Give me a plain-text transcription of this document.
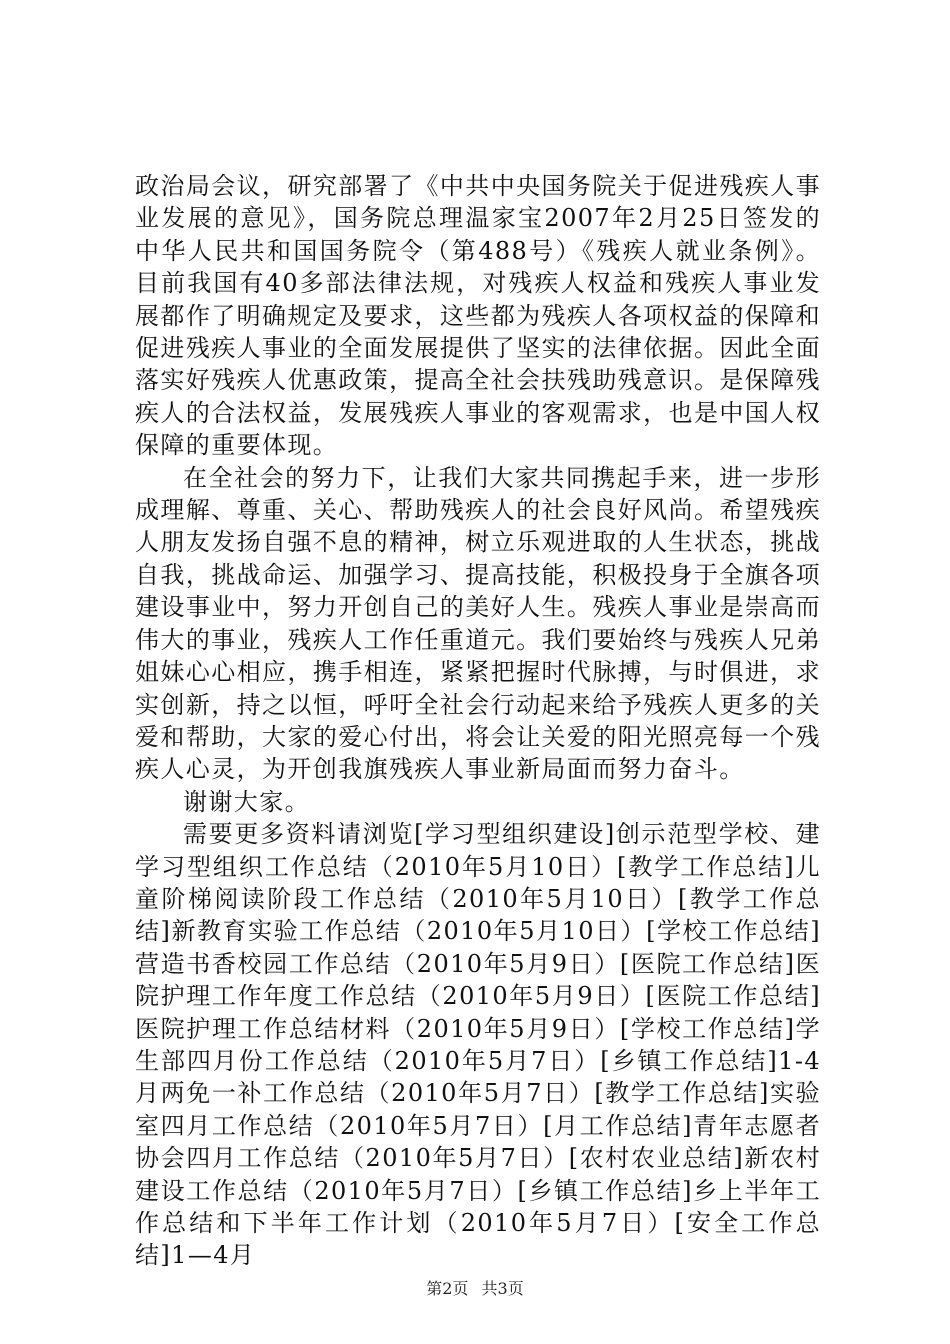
政治局会议，研究部署了《中共中央国务院关于促进残疾人事业发展的意见》，国务院总理温家宝2007年2月25日签发的中华人民共和国国务院令（第488号）《残疾人就业条例》。目前我国有40多部法律法规，对残疾人权益和残疾人事业发展都作了明确规定及要求，这些都为残疾人各项权益的保障和促进残疾人事业的全面发展提供了坚实的法律依据。因此全面落实好残疾人优惠政策，提高全社会扶残助残意识。是保障残疾人的合法权益，发展残疾人事业的客观需求，也是中国人权保障的重要体现。

在全社会的努力下，让我们大家共同携起手来，进一步形成理解、尊重、关心、帮助残疾人的社会良好风尚。希望残疾人朋友发扬自强不息的精神，树立乐观进取的人生状态，挑战自我，挑战命运、加强学习、提高技能，积极投身于全旗各项建设事业中，努力开创自己的美好人生。残疾人事业是崇高而伟大的事业，残疾人工作任重道元。我们要始终与残疾人兄弟姐妹心心相应，携手相连，紧紧把握时代脉搏，与时俱进，求实创新，持之以恒，呼吁全社会行动起来给予残疾人更多的关爱和帮助，大家的爱心付出，将会让关爱的阳光照亮每一个残疾人心灵，为开创我旗残疾人事业新局面而努力奋斗。

谢谢大家。

需要更多资料请浏览[学习型组织建设]创示范型学校、建学习型组织工作总结（2010年5月10日）[教学工作总结]儿童阶梯阅读阶段工作总结（2010年5月10日）[教学工作总结]新教育实验工作总结（2010年5月10日）[学校工作总结]营造书香校园工作总结（2010年5月9日）[医院工作总结]医院护理工作年度工作总结（2010年5月9日）[医院工作总结]医院护理工作总结材料（2010年5月9日）[学校工作总结]学生部四月份工作总结（2010年5月7日）[乡镇工作总结]1-4月两免一补工作总结（2010年5月7日）[教学工作总结]实验室四月工作总结（2010年5月7日）[月工作总结]青年志愿者协会四月工作总结（2010年5月7日）[农村农业总结]新农村建设工作总结（2010年5月7日）[乡镇工作总结]乡上半年工作总结和下半年工作计划（2010年5月7日）[安全工作总结]1—4月

第2页 共3页
